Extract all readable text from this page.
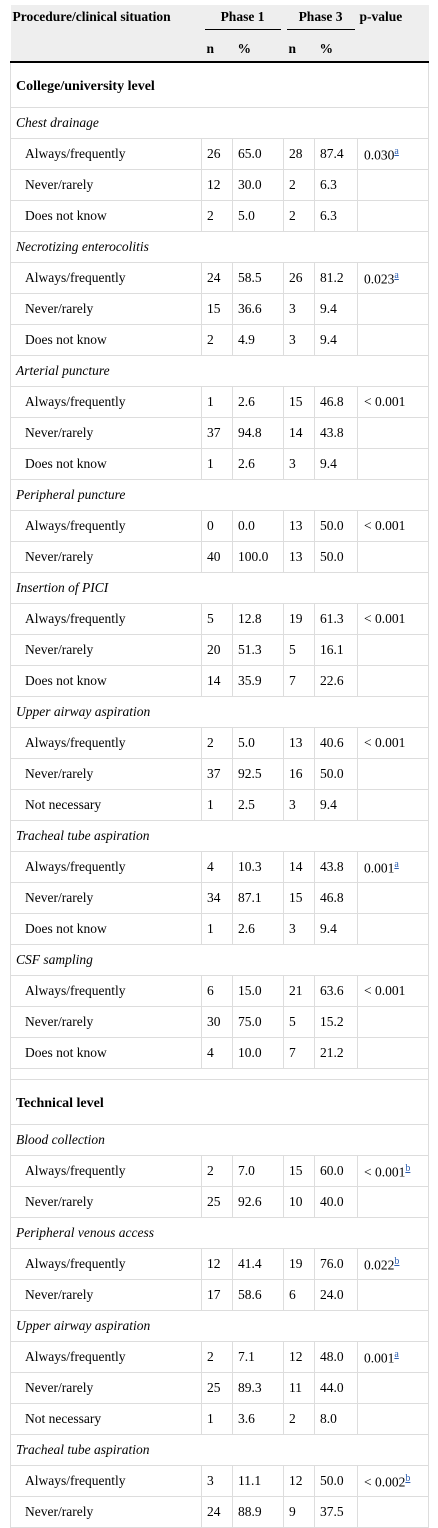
Procedure/clinical situation	Phase 1		Phase 3		p-value
	n	%	n	%	
College/university level					
Chest drainage					
Always/frequently	26	65.0	28	87.4	0.030$^a$
Never/rarely	12	30.0	2	6.3	
Does not know	2	5.0	2	6.3	
Necrotizing enterocolitis					
Always/frequently	24	58.5	26	81.2	0.023$^a$
Never/rarely	15	36.6	3	9.4	
Does not know	2	4.9	3	9.4	
Arterial puncture					
Always/frequently	1	2.6	15	46.8	< 0.001
Never/rarely	37	94.8	14	43.8	
Does not know	1	2.6	3	9.4	
Peripheral puncture					
Always/frequently	0	0.0	13	50.0	< 0.001
Never/rarely	40	100.0	13	50.0	
Insertion of PICI					
Always/frequently	5	12.8	19	61.3	< 0.001
Never/rarely	20	51.3	5	16.1	
Does not know	14	35.9	7	22.6	
Upper airway aspiration					
Always/frequently	2	5.0	13	40.6	< 0.001
Never/rarely	37	92.5	16	50.0	
Not necessary	1	2.5	3	9.4	
Tracheal tube aspiration					
Always/frequently	4	10.3	14	43.8	0.001$^a$
Never/rarely	34	87.1	15	46.8	
Does not know	1	2.6	3	9.4	
CSF sampling					
Always/frequently	6	15.0	21	63.6	< 0.001
Never/rarely	30	75.0	5	15.2	
Does not know	4	10.0	7	21.2	

Technical level					
Blood collection					
Always/frequently	2	7.0	15	60.0	< 0.001$^b$
Never/rarely	25	92.6	10	40.0	
Peripheral venous access					
Always/frequently	12	41.4	19	76.0	0.022$^b$
Never/rarely	17	58.6	6	24.0	
Upper airway aspiration					
Always/frequently	2	7.1	12	48.0	0.001$^a$
Never/rarely	25	89.3	11	44.0	
Not necessary	1	3.6	2	8.0	
Tracheal tube aspiration					
Always/frequently	3	11.1	12	50.0	< 0.002$^b$
Never/rarely	24	88.9	9	37.5	
